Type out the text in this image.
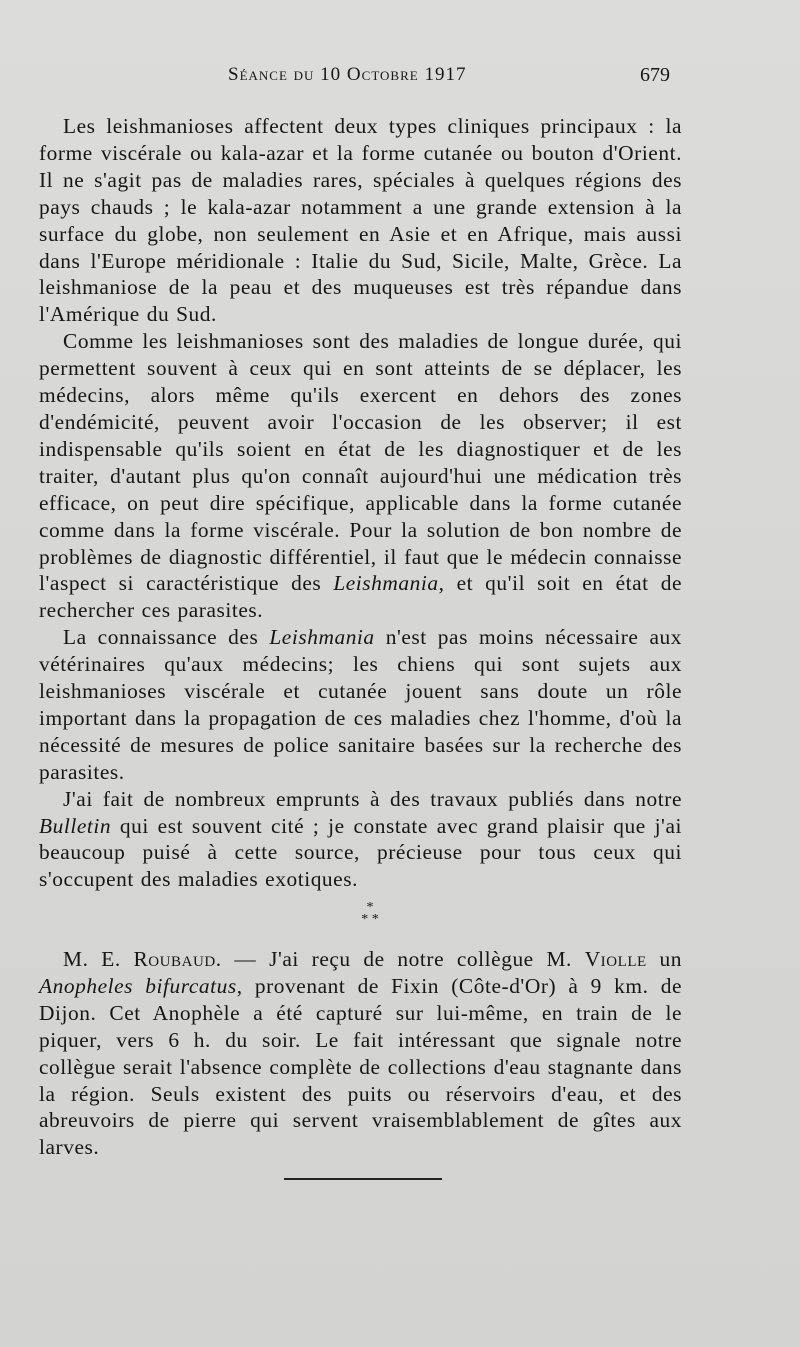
Séance du 10 Octobre 1917	679

Les leishmanioses affectent deux types cliniques principaux : la forme viscérale ou kala-azar et la forme cutanée ou bouton d'Orient. Il ne s'agit pas de maladies rares, spéciales à quelques régions des pays chauds ; le kala-azar notamment a une grande extension à la surface du globe, non seulement en Asie et en Afrique, mais aussi dans l'Europe méridionale : Italie du Sud, Sicile, Malte, Grèce. La leishmaniose de la peau et des muqueuses est très répandue dans l'Amérique du Sud.

Comme les leishmanioses sont des maladies de longue durée, qui permettent souvent à ceux qui en sont atteints de se déplacer, les médecins, alors même qu'ils exercent en dehors des zones d'endémicité, peuvent avoir l'occasion de les observer; il est indispensable qu'ils soient en état de les diagnostiquer et de les traiter, d'autant plus qu'on connaît aujourd'hui une médication très efficace, on peut dire spécifique, applicable dans la forme cutanée comme dans la forme viscérale. Pour la solution de bon nombre de problèmes de diagnostic différentiel, il faut que le médecin connaisse l'aspect si caractéristique des Leishmania, et qu'il soit en état de rechercher ces parasites.

La connaissance des Leishmania n'est pas moins nécessaire aux vétérinaires qu'aux médecins; les chiens qui sont sujets aux leishmanioses viscérale et cutanée jouent sans doute un rôle important dans la propagation de ces maladies chez l'homme, d'où la nécessité de mesures de police sanitaire basées sur la recherche des parasites.

J'ai fait de nombreux emprunts à des travaux publiés dans notre Bulletin qui est souvent cité ; je constate avec grand plaisir que j'ai beaucoup puisé à cette source, précieuse pour tous ceux qui s'occupent des maladies exotiques.

*
* *

M. E. Roubaud. — J'ai reçu de notre collègue M. Violle un Anopheles bifurcatus, provenant de Fixin (Côte-d'Or) à 9 km. de Dijon. Cet Anophèle a été capturé sur lui-même, en train de le piquer, vers 6 h. du soir. Le fait intéressant que signale notre collègue serait l'absence complète de collections d'eau stagnante dans la région. Seuls existent des puits ou réservoirs d'eau, et des abreuvoirs de pierre qui servent vraisemblablement de gîtes aux larves.
